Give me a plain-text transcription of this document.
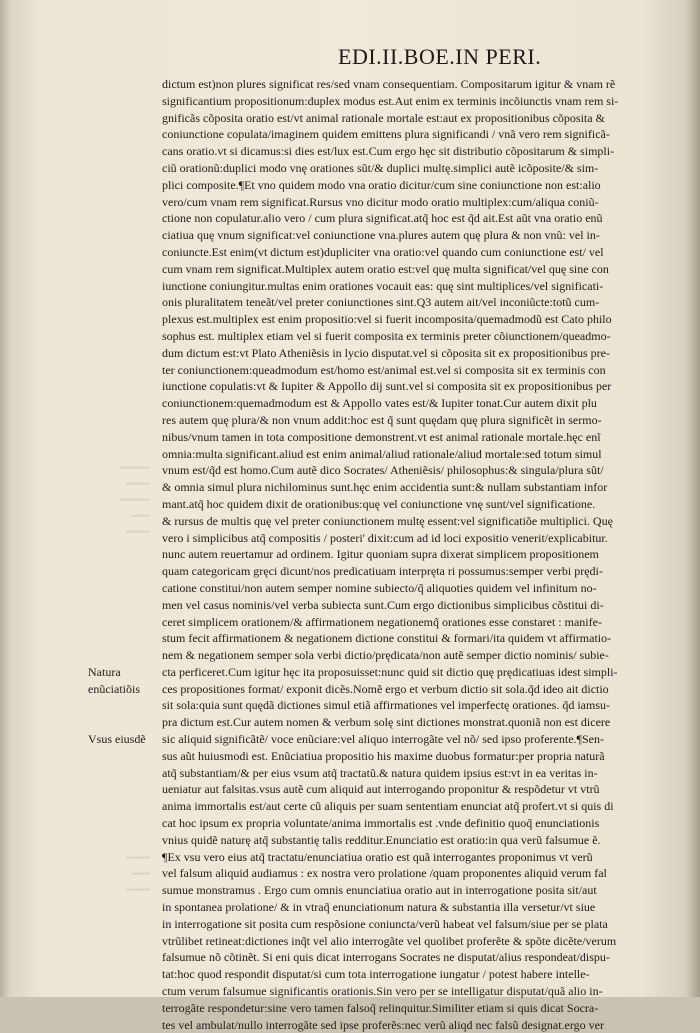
EDI.II.BOE.IN PERI.
~~~~~
~~~~
~~~~~
~~~
~~~~
~~~~
~~~
~~~~
dictum est)non plures significat res/sed vnam consequentiam. Compositarum igitur & vnam rẽ
significantium propositionum:duplex modus est.Aut enim ex terminis incõiunctis vnam rem si-
gnificãs cõposita oratio est/vt animal rationale mortale est:aut ex propositionibus cõposita &
coniunctione copulata/imaginem quidem emittens plura significandi / vnã vero rem significã-
cans oratio.vt si dicamus:si dies est/lux est.Cum ergo hęc sit distributio cõpositarum & simpli-
ciũ orationũ:duplici modo vnę orationes sũt/& duplici multę.simplici autẽ icõposite/& sim-
plici composite.¶Et vno quidem modo vna oratio dicitur/cum sine coniunctione non est:alio
vero/cum vnam rem significat.Rursus vno dicitur modo oratio multiplex:cum/aliqua coniũ-
ctione non copulatur.alio vero / cum plura significat.atq̃ hoc est q̃d ait.Est aũt vna oratio enũ
ciatiua quę vnum significat:vel coniunctione vna.plures autem quę plura & non vnũ: vel in-
coniuncte.Est enim(vt dictum est)dupliciter vna oratio:vel quando cum coniunctione est/ vel
cum vnam rem significat.Multiplex autem oratio est:vel quę multa significat/vel quę sine con
iunctione coniungitur.multas enim orationes vocauit eas: quę sint multiplices/vel significati-
onis pluralitatem teneãt/vel preter coniunctiones sint.Q3 autem ait/vel inconiũcte:totũ cum-
plexus est.multiplex est enim propositio:vel si fuerit incomposita/quemadmodũ est Cato philo
sophus est. multiplex etiam vel si fuerit composita ex terminis preter cõiunctionem/queadmo-
dum dictum est:vt Plato Atheniẽsis in lycio disputat.vel si cõposita sit ex propositionibus pre-
ter coniunctionem:queadmodum est/homo est/animal est.vel si composita sit ex terminis con
iunctione copulatis:vt & Iupiter & Appollo dij sunt.vel si composita sit ex propositionibus per
coniunctionem:quemadmodum est & Appollo vates est/& Iupiter tonat.Cur autem dixit plu
res autem quę plura/& non vnum addit:hoc est q̃ sunt quędam quę plura significẽt in sermo-
nibus/vnum tamen in tota compositione demonstrent.vt est animal rationale mortale.hęc enĩ
omnia:multa significant.aliud est enim animal/aliud rationale/aliud mortale:sed totum simul
vnum est/q̃d est homo.Cum autẽ dico Socrates/ Atheniẽsis/ philosophus:& singula/plura sũt/
& omnia simul plura nichilominus sunt.hęc enim accidentia sunt:& nullam substantiam infor
mant.atq̃ hoc quidem dixit de orationibus:quę vel coniunctione vnę sunt/vel significatione.
& rursus de multis quę vel preter coniunctionem multę essent:vel significatiõe multiplici. Quę
vero i simplicibus atq̃ compositis / posteri' dixit:cum ad id loci expositio venerit/explicabitur.
nunc autem reuertamur ad ordinem. Igitur quoniam supra dixerat simplicem propositionem
quam categoricam gręci dicunt/nos predicatiuam interpręta ri possumus:semper verbi prędi-
catione constitui/non autem semper nomine subiecto/q̃ aliquoties quidem vel infinitum no-
men vel casus nominis/vel verba subiecta sunt.Cum ergo dictionibus simplicibus cõstitui di-
ceret simplicem orationem/& affirmationem negationemq̃ orationes esse constaret : manife-
stum fecit affirmationem & negationem dictione constitui & formari/ita quidem vt affirmatio-
nem & negationem semper sola verbi dictio/prędicata/non autẽ semper dictio nominis/ subie-
cta perficeret.Cum igitur hęc ita proposuisset:nunc quid sit dictio quę prędicatiuas idest simpli-
ces propositiones format/ exponit dicẽs.Nomẽ ergo et verbum dictio sit sola.q̃d ideo ait dictio
sit sola:quia sunt quędã dictiones simul etiã affirmationes vel imperfectę orationes. q̃d iamsu-
pra dictum est.Cur autem nomen & verbum solę sint dictiones monstrat.quoniã non est dicere
sic aliquid significãtẽ/ voce enũciare:vel aliquo interrogãte vel nõ/ sed ipso proferente.¶Sen-
sus aũt huiusmodi est. Enũciatiua propositio his maxime duobus formatur:per propria naturã
atq̃ substantiam/& per eius vsum atq̃ tractatũ.& natura quidem ipsius est:vt in ea veritas in-
ueniatur aut falsitas.vsus autẽ cum aliquid aut interrogando proponitur & respõdetur vt vtrũ
anima immortalis est/aut certe cũ aliquis per suam sententiam enunciat atq̃ profert.vt si quis di
cat hoc ipsum ex propria voluntate/anima immortalis est .vnde definitio quoq̃ enunciationis
vnius quidẽ naturę atq̃ substantię talis redditur.Enunciatio est oratio:in qua verũ falsumue ẽ.
¶Ex vsu vero eius atq̃ tractatu/enunciatiua oratio est quã interrogantes proponimus vt verũ
vel falsum aliquid audiamus : ex nostra vero prolatione /quam proponentes aliquid verum fal
sumue monstramus . Ergo cum omnis enunciatiua oratio aut in interrogatione posita sit/aut
in spontanea prolatione/ & in vtraq̃ enunciationum natura & substantia illa versetur/vt siue
in interrogatione sit posita cum respõsione coniuncta/verũ habeat vel falsum/siue per se plata
vtrũlibet retineat:dictiones inq̃t vel alio interrogãte vel quolibet proferẽte & spõte dicẽte/verum
falsumue nõ cõtinẽt. Si eni quis dicat interrogans Socrates ne disputat/alius respondeat/dispu-
tat:hoc quod respondit disputat/si cum tota interrogatione iungatur / potest habere intelle-
ctum verum falsumue significantis orationis.Sin vero per se intelligatur disputat/quã alio in-
terrogãte respondetur:sine vero tamen falsoq̃ relinquitur.Similiter etiam si quis dicat Socra-
tes vel ambulat/nullo interrogãte sed ipse proferẽs:nec verũ aliqd nec falsũ designat.ergo ver
Natura
enũciatiõis
Vsus eiusdẽ
